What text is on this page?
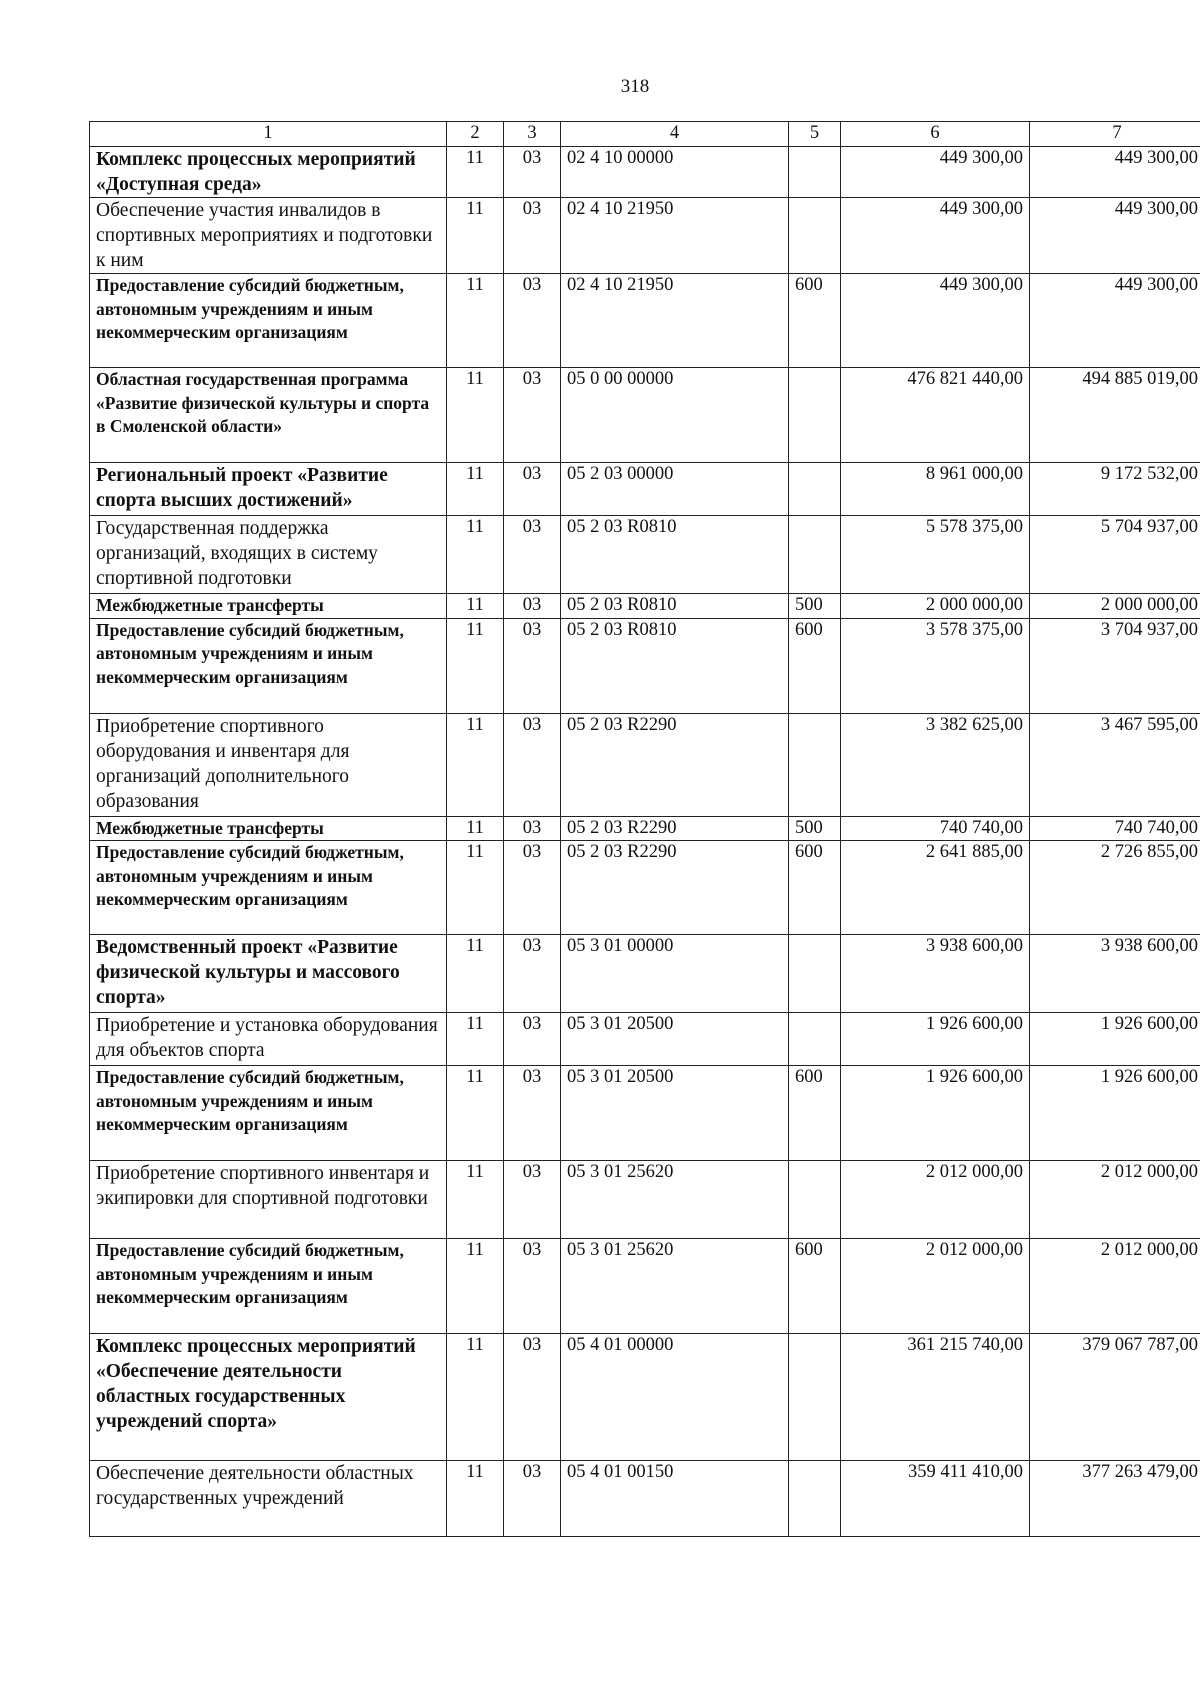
318
1	2	3	4	5	6	7
Комплекс процессных мероприятий «Доступная среда»	11	03	02 4 10 00000		449 300,00	449 300,00
Обеспечение участия инвалидов в спортивных мероприятиях и подготовки к ним	11	03	02 4 10 21950		449 300,00	449 300,00
Предоставление субсидий бюджетным, автономным учреждениям и иным некоммерческим организациям	11	03	02 4 10 21950	600	449 300,00	449 300,00
Областная государственная программа «Развитие физической культуры и спорта в Смоленской области»	11	03	05 0 00 00000		476 821 440,00	494 885 019,00
Региональный проект «Развитие спорта высших достижений»	11	03	05 2 03 00000		8 961 000,00	9 172 532,00
Государственная поддержка организаций, входящих в систему спортивной подготовки	11	03	05 2 03 R0810		5 578 375,00	5 704 937,00
Межбюджетные трансферты	11	03	05 2 03 R0810	500	2 000 000,00	2 000 000,00
Предоставление субсидий бюджетным, автономным учреждениям и иным некоммерческим организациям	11	03	05 2 03 R0810	600	3 578 375,00	3 704 937,00
Приобретение спортивного оборудования и инвентаря для организаций дополнительного образования	11	03	05 2 03 R2290		3 382 625,00	3 467 595,00
Межбюджетные трансферты	11	03	05 2 03 R2290	500	740 740,00	740 740,00
Предоставление субсидий бюджетным, автономным учреждениям и иным некоммерческим организациям	11	03	05 2 03 R2290	600	2 641 885,00	2 726 855,00
Ведомственный проект «Развитие физической культуры и массового спорта»	11	03	05 3 01 00000		3 938 600,00	3 938 600,00
Приобретение и установка оборудования для объектов спорта	11	03	05 3 01 20500		1 926 600,00	1 926 600,00
Предоставление субсидий бюджетным, автономным учреждениям и иным некоммерческим организациям	11	03	05 3 01 20500	600	1 926 600,00	1 926 600,00
Приобретение спортивного инвентаря и экипировки для спортивной подготовки	11	03	05 3 01 25620		2 012 000,00	2 012 000,00
Предоставление субсидий бюджетным, автономным учреждениям и иным некоммерческим организациям	11	03	05 3 01 25620	600	2 012 000,00	2 012 000,00
Комплекс процессных мероприятий «Обеспечение деятельности областных государственных учреждений спорта»	11	03	05 4 01 00000		361 215 740,00	379 067 787,00
Обеспечение деятельности областных государственных учреждений	11	03	05 4 01 00150		359 411 410,00	377 263 479,00
